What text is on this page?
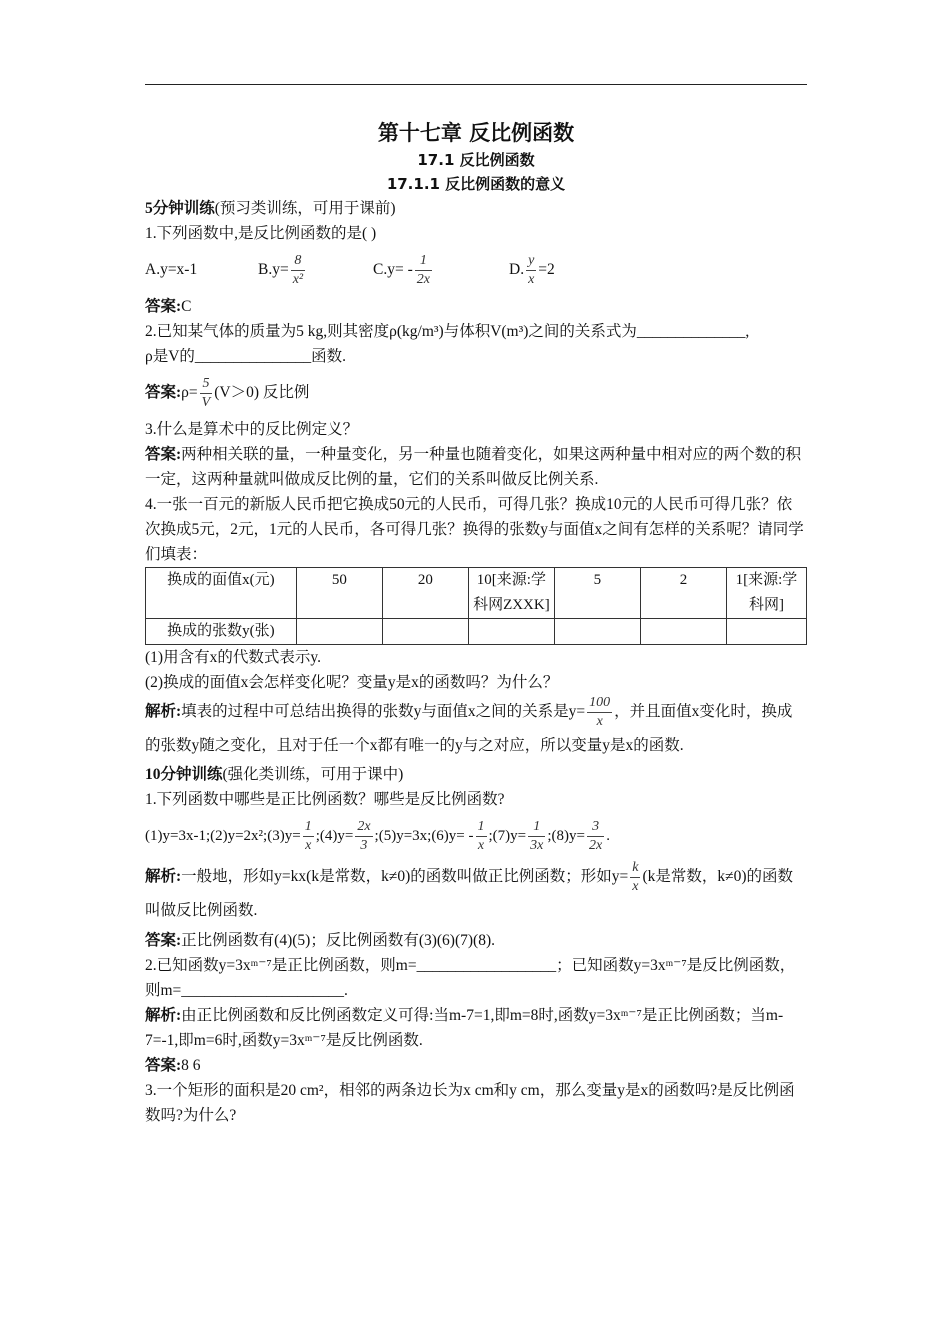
第十七章 反比例函数
17.1 反比例函数
17.1.1 反比例函数的意义

5分钟训练(预习类训练，可用于课前)

1.下列函数中,是反比例函数的是( )

A.y=x-1	$B.y= \frac{8}{\text{x²}}$	$C.y= - \frac{1}{2x}$	D. $\frac{y}{x} =2$

答案:C

2.已知某气体的质量为5 kg,则其密度ρ(kg/m³)与体积V(m³)之间的关系式为______________,
ρ是V的_______________函数.

答案:ρ= $\frac{5}{V} (V>0)$ 反比例

3.什么是算术中的反比例定义？

答案:两种相关联的量，一种量变化，另一种量也随着变化，如果这两种量中相对应的两个数的积一定，这两种量就叫做成反比例的量，它们的关系叫做反比例关系.

4.一张一百元的新版人民币把它换成50元的人民币，可得几张？换成10元的人民币可得几张？依次换成5元，2元，1元的人民币，各可得几张？换得的张数y与面值x之间有怎样的关系呢？请同学们填表：

换成的面值x(元)	50	20	10[来源:学科网ZXXK]	5	2	1[来源:学科网]
换成的张数y(张)						

(1)用含有x的代数式表示y.

(2)换成的面值x会怎样变化呢？变量y是x的函数吗？为什么？

解析:填表的过程中可总结出换得的张数y与面值x之间的关系是$y= \frac{100}{x}$ ，并且面值x变化时，换成的张数y随之变化，且对于任一个x都有唯一的y与之对应，所以变量y是x的函数.

10分钟训练(强化类训练，可用于课中)

1.下列函数中哪些是正比例函数？哪些是反比例函数?

(1)y=3x-1;(2)y=2x²;(3)y= $\frac{1}{x}$ ;(4)y= $\frac{2x}{3}$ ;(5)y=3x;(6)y= - $\frac{1}{x}$ ;(7)y= $\frac{1}{3x}$ ;(8)y= $\frac{3}{2x}$ .

解析:一般地，形如y=kx(k是常数，k≠0)的函数叫做正比例函数；形如$y= \frac{k}{x} (k$是常数，k≠0)的函数叫做反比例函数.

答案:正比例函数有(4)(5)；反比例函数有(3)(6)(7)(8).

2.已知函数y=3xᵐ⁻⁷是正比例函数，则m=__________________；已知函数y=3xᵐ⁻⁷是反比例函数，则m=_____________________.

解析:由正比例函数和反比例函数定义可得:当m-7=1,即m=8时,函数y=3xᵐ⁻⁷是正比例函数；当m-7=-1,即m=6时,函数y=3xᵐ⁻⁷是反比例函数.

答案:8 6

3.一个矩形的面积是20 cm²，相邻的两条边长为x cm和y cm，那么变量y是x的函数吗?是反比例函数吗?为什么?
